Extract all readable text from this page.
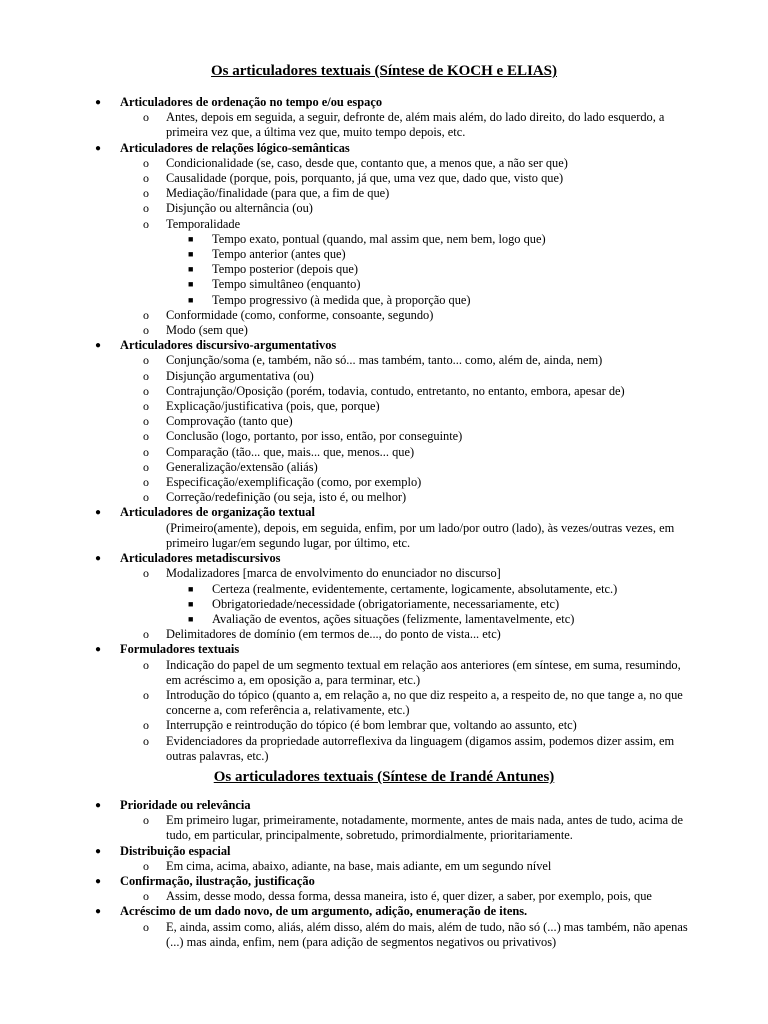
Os articuladores textuais (Síntese de KOCH e ELIAS)
● Articuladores de ordenação no tempo e/ou espaço
o Antes, depois em seguida, a seguir, defronte de, além mais além, do lado direito, do lado esquerdo, a primeira vez que, a última vez que, muito tempo depois, etc.
● Articuladores de relações lógico-semânticas
o Condicionalidade (se, caso, desde que, contanto que, a menos que, a não ser que)
o Causalidade (porque, pois, porquanto, já que, uma vez que, dado que, visto que)
o Mediação/finalidade (para que, a fim de que)
o Disjunção ou alternância (ou)
o Temporalidade
■ Tempo exato, pontual (quando, mal assim que, nem bem, logo que)
■ Tempo anterior (antes que)
■ Tempo posterior (depois que)
■ Tempo simultâneo (enquanto)
■ Tempo progressivo (à medida que, à proporção que)
o Conformidade (como, conforme, consoante, segundo)
o Modo (sem que)
● Articuladores discursivo-argumentativos
o Conjunção/soma (e, também, não só... mas também, tanto... como, além de, ainda, nem)
o Disjunção argumentativa (ou)
o Contrajunção/Oposição (porém, todavia, contudo, entretanto, no entanto, embora, apesar de)
o Explicação/justificativa (pois, que, porque)
o Comprovação (tanto que)
o Conclusão (logo, portanto, por isso, então, por conseguinte)
o Comparação (tão... que, mais... que, menos... que)
o Generalização/extensão (aliás)
o Especificação/exemplificação (como, por exemplo)
o Correção/redefinição (ou seja, isto é, ou melhor)
● Articuladores de organização textual
(Primeiro(amente), depois, em seguida, enfim, por um lado/por outro (lado), às vezes/outras vezes, em primeiro lugar/em segundo lugar, por último, etc.
● Articuladores metadiscursivos
o Modalizadores [marca de envolvimento do enunciador no discurso]
■ Certeza (realmente, evidentemente, certamente, logicamente, absolutamente, etc.)
■ Obrigatoriedade/necessidade (obrigatoriamente, necessariamente, etc)
■ Avaliação de eventos, ações situações (felizmente, lamentavelmente, etc)
o Delimitadores de domínio (em termos de..., do ponto de vista... etc)
● Formuladores textuais
o Indicação do papel de um segmento textual em relação aos anteriores (em síntese, em suma, resumindo, em acréscimo a, em oposição a, para terminar, etc.)
o Introdução do tópico (quanto a, em relação a, no que diz respeito a, a respeito de, no que tange a, no que concerne a, com referência a, relativamente, etc.)
o Interrupção e reintrodução do tópico (é bom lembrar que, voltando ao assunto, etc)
o Evidenciadores da propriedade autorreflexiva da linguagem (digamos assim, podemos dizer assim, em outras palavras, etc.)
Os articuladores textuais (Síntese de Irandé Antunes)
● Prioridade ou relevância
o Em primeiro lugar, primeiramente, notadamente, mormente, antes de mais nada, antes de tudo, acima de tudo, em particular, principalmente, sobretudo, primordialmente, prioritariamente.
● Distribuição espacial
o Em cima, acima, abaixo, adiante, na base, mais adiante, em um segundo nível
● Confirmação, ilustração, justificação
o Assim, desse modo, dessa forma, dessa maneira, isto é, quer dizer, a saber, por exemplo, pois, que
● Acréscimo de um dado novo, de um argumento, adição, enumeração de itens.
o E, ainda, assim como, aliás, além disso, além do mais, além de tudo, não só (...) mas também, não apenas (...) mas ainda, enfim, nem (para adição de segmentos negativos ou privativos)
